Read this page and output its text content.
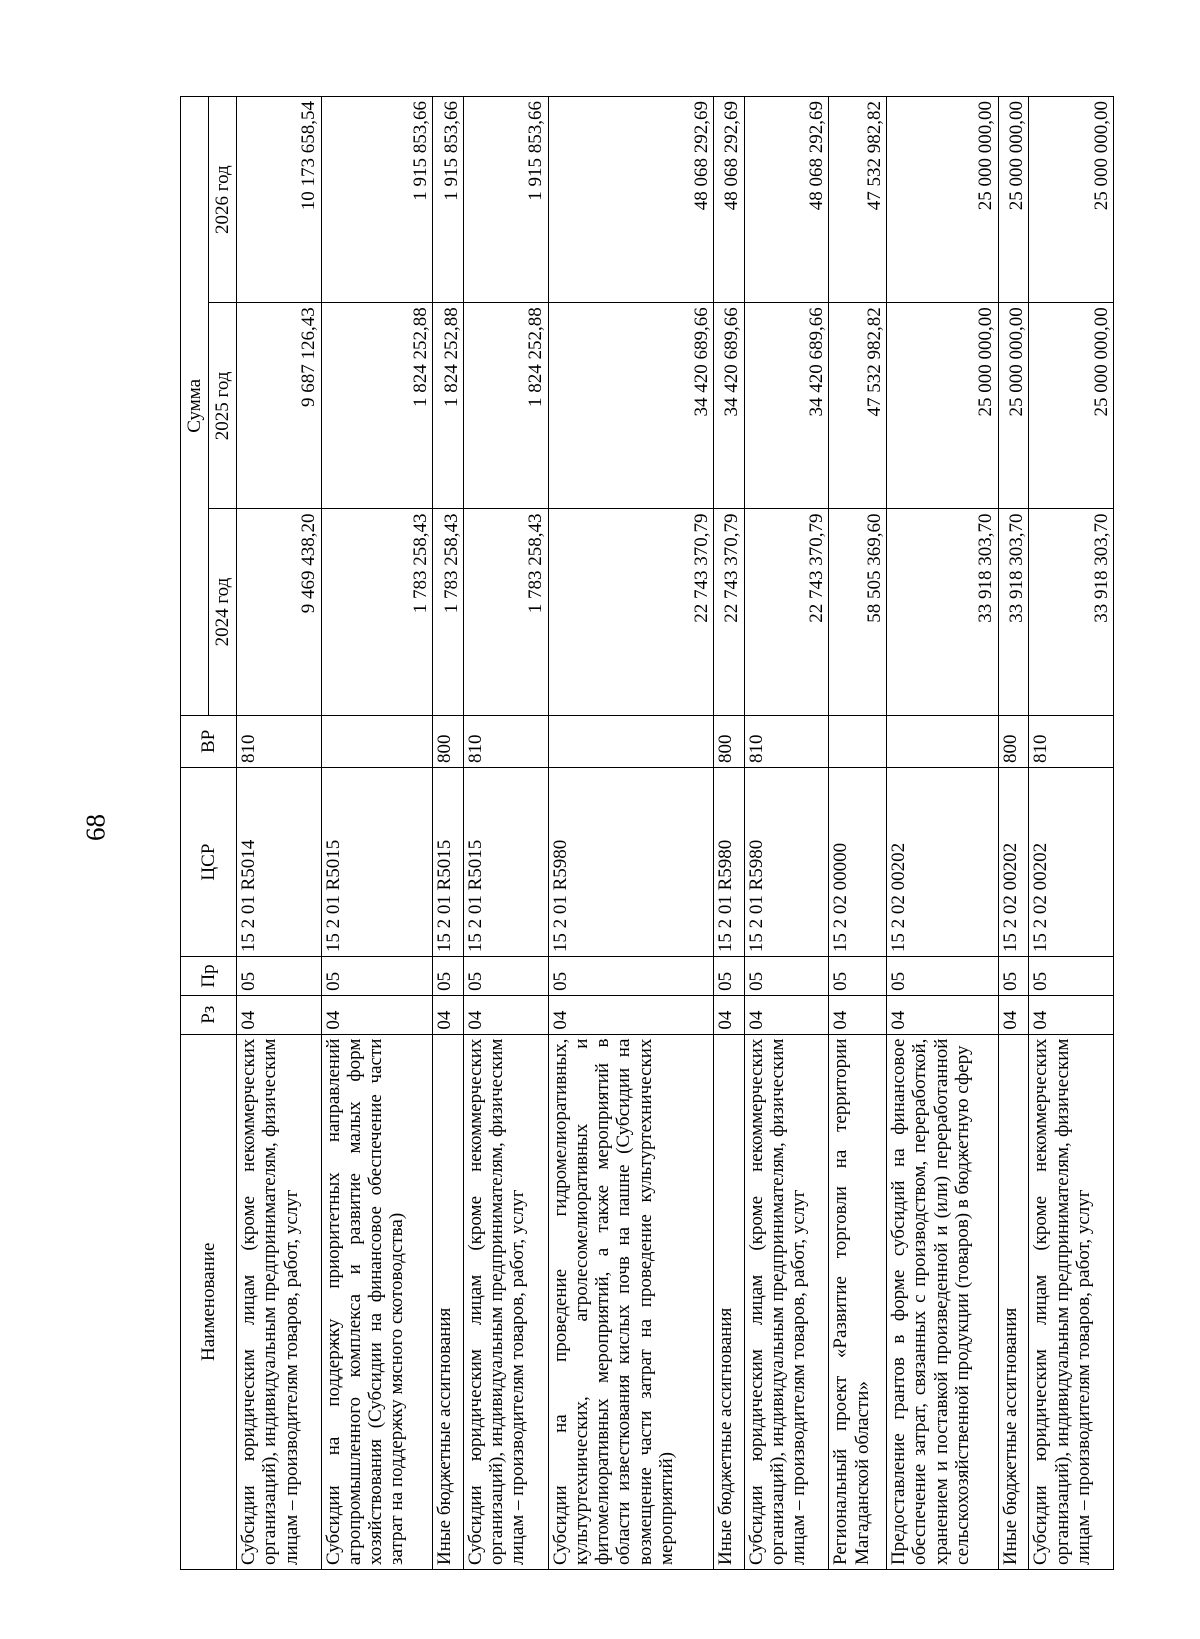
68
Наименование	Рз	Пр	ЦСР	ВР	Сумма		
					2024 год	2025 год	2026 год
Субсидии юридическим лицам (кроме некоммерческих организаций), индивидуальным предпринимателям, физическим лицам – производителям товаров, работ, услуг	04	05	15 2 01 R5014	810	9 469 438,20	9 687 126,43	10 173 658,54
Субсидии на поддержку приоритетных направлений агропромышленного комплекса и развитие малых форм хозяйствования (Субсидии на финансовое обеспечение части затрат на поддержку мясного скотоводства)	04	05	15 2 01 R5015		1 783 258,43	1 824 252,88	1 915 853,66
Иные бюджетные ассигнования	04	05	15 2 01 R5015	800	1 783 258,43	1 824 252,88	1 915 853,66
Субсидии юридическим лицам (кроме некоммерческих организаций), индивидуальным предпринимателям, физическим лицам – производителям товаров, работ, услуг	04	05	15 2 01 R5015	810	1 783 258,43	1 824 252,88	1 915 853,66
Субсидии на проведение гидромелиоративных, культуртехнических, агролесомелиоративных и фитомелиоративных мероприятий, а также мероприятий в области известкования кислых почв на пашне (Субсидии на возмещение части затрат на проведение культуртехнических мероприятий)	04	05	15 2 01 R5980		22 743 370,79	34 420 689,66	48 068 292,69
Иные бюджетные ассигнования	04	05	15 2 01 R5980	800	22 743 370,79	34 420 689,66	48 068 292,69
Субсидии юридическим лицам (кроме некоммерческих организаций), индивидуальным предпринимателям, физическим лицам – производителям товаров, работ, услуг	04	05	15 2 01 R5980	810	22 743 370,79	34 420 689,66	48 068 292,69
Региональный проект «Развитие торговли на территории Магаданской области»	04	05	15 2 02 00000		58 505 369,60	47 532 982,82	47 532 982,82
Предоставление грантов в форме субсидий на финансовое обеспечение затрат, связанных с производством, переработкой, хранением и поставкой произведенной и (или) переработанной сельскохозяйственной продукции (товаров) в бюджетную сферу	04	05	15 2 02 00202		33 918 303,70	25 000 000,00	25 000 000,00
Иные бюджетные ассигнования	04	05	15 2 02 00202	800	33 918 303,70	25 000 000,00	25 000 000,00
Субсидии юридическим лицам (кроме некоммерческих организаций), индивидуальным предпринимателям, физическим лицам – производителям товаров, работ, услуг	04	05	15 2 02 00202	810	33 918 303,70	25 000 000,00	25 000 000,00
